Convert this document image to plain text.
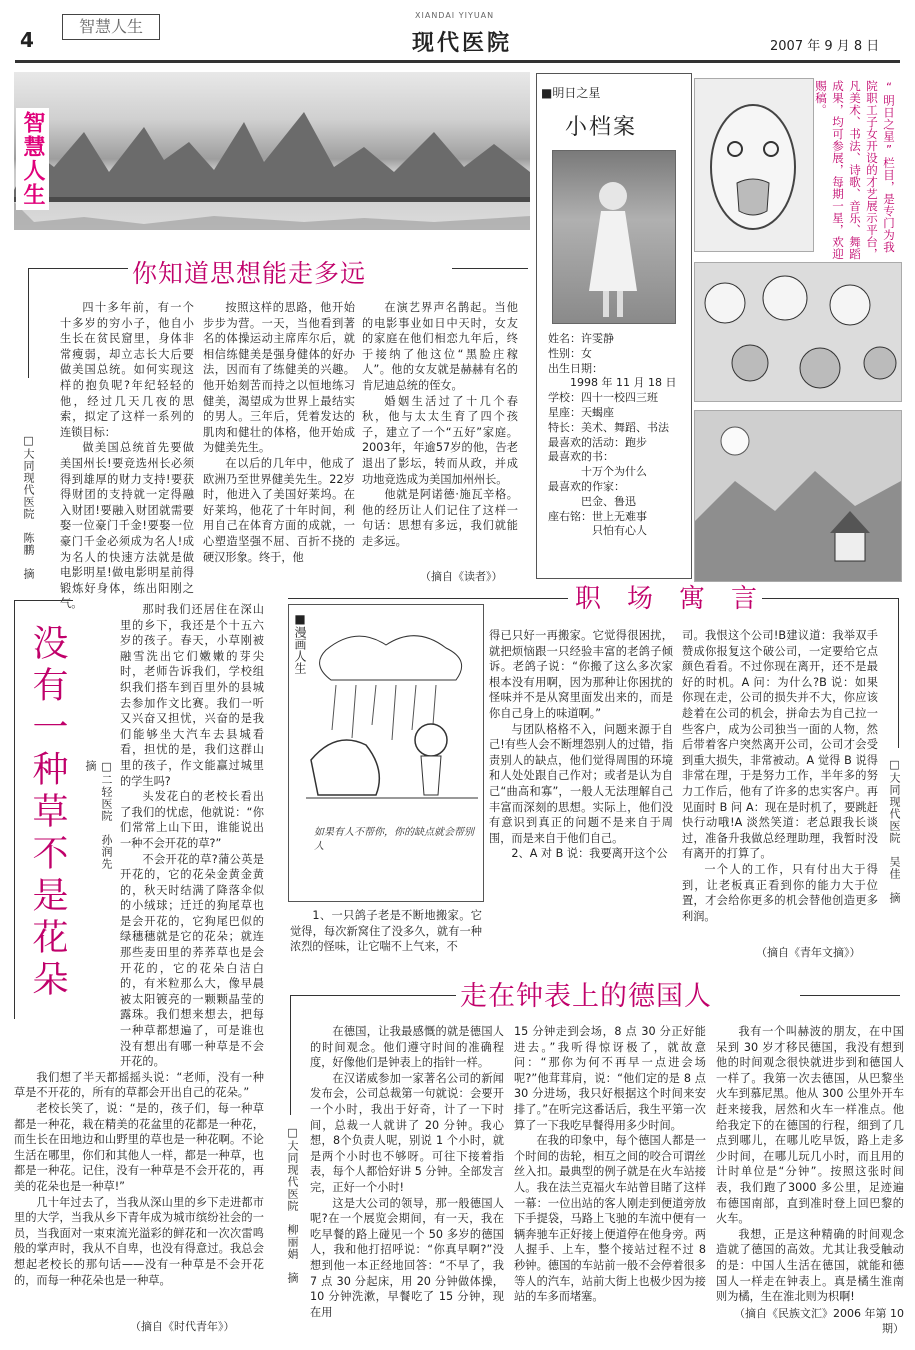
4
智慧人生
XIANDAI YIYUAN
现代医院	2007 年 9 月 8 日
智慧人生
你知道思想能走多远
□大同现代医院　陈鹏　摘

四十多年前，有一个十多岁的穷小子，他自小生长在贫民窟里，身体非常瘦弱，却立志长大后要做美国总统。如何实现这样的抱负呢?年纪轻轻的他，经过几天几夜的思索，拟定了这样一系列的连锁目标：

做美国总统首先要做美国州长!要竞选州长必须得到雄厚的财力支持!要获得财团的支持就一定得融入财团!要融入财团就需要娶一位豪门千金!要娶一位豪门千金必须成为名人!成为名人的快速方法就是做电影明星!做电影明星前得锻炼好身体，练出阳刚之气。

按照这样的思路，他开始步步为营。一天，当他看到著名的体操运动主席库尔后，就相信练健美是强身健体的好办法，因而有了练健美的兴趣。他开始刻苦而持之以恒地练习健美，渴望成为世界上最结实的男人。三年后，凭着发达的肌肉和健壮的体格，他开始成为健美先生。

在以后的几年中，他成了欧洲乃至世界健美先生。22岁时，他进入了美国好莱坞。在好莱坞，他花了十年时间，利用自己在体育方面的成就，一心塑造坚强不屈、百折不挠的硬汉形象。终于，他

在演艺界声名鹊起。当他的电影事业如日中天时，女友的家庭在他们相恋九年后，终于接纳了他这位“黑脸庄稼人”。他的女友就是赫赫有名的肯尼迪总统的侄女。

婚姻生活过了十几个春秋，他与太太生育了四个孩子，建立了一个“五好”家庭。2003年，年逾57岁的他，告老退出了影坛，转而从政，并成功地竞选成为美国加州州长。

他就是阿诺德·施瓦辛格。他的经历让人们记住了这样一句话：思想有多远，我们就能走多远。

（摘自《读者》）
■明日之星
小档案
姓名：许雯静
性别：女
出生日期：
　　1998 年 11 月 18 日
学校：四十一校四三班
星座：天蝎座
特长：美术、舞蹈、书法
最喜欢的活动：跑步
最喜欢的书：
　　　十万个为什么
最喜欢的作家：
　　　巴金、鲁迅
座右铭：世上无难事
　　　　只怕有心人
“明日之星”栏目，是专门为我院职工子女开设的才艺展示平台，凡美术、书法、诗歌、音乐、舞蹈成果，均可参展，每期一星，欢迎赐稿。
职　场　寓　言
没有一种草不是花朵	□二轻医院　孙润先　摘

那时我们还居住在深山里的乡下，我还是个十五六岁的孩子。春天，小草刚被融雪洗出它们嫩嫩的芽尖时，老师告诉我们，学校组织我们搭车到百里外的县城去参加作文比赛。我们一听又兴奋又担忧，兴奋的是我们能够坐大汽车去县城看看，担忧的是，我们这群山里的孩子，作文能赢过城里的学生吗?

头发花白的老校长看出了我们的忧虑，他就说：“你们常常上山下田，谁能说出一种不会开花的草?”

不会开花的草?蒲公英是开花的，它的花朵金黄金黄的，秋天时结满了降落伞似的小绒球；迁迁的狗尾草也是会开花的，它狗尾巴似的绿穗穗就是它的花朵；就连那些麦田里的荞荞草也是会开花的，它的花朵白洁白的，有米粒那么大，像早晨被太阳镀亮的一颗颗晶莹的露珠。我们想来想去，把每一种草都想遍了，可是谁也没有想出有哪一种草是不会开花的。

我们想了半天都摇摇头说：“老师，没有一种草是不开花的，所有的草都会开出自己的花朵。”

老校长笑了，说：“是的，孩子们，每一种草都是一种花，栽在精美的花盆里的花都是一种花，而生长在田地边和山野里的草也是一种花啊。不论生活在哪里，你们和其他人一样，都是一种草，也都是一种花。记住，没有一种草是不会开花的，再美的花朵也是一种草!”

几十年过去了，当我从深山里的乡下走进都市里的大学，当我从乡下青年成为城市缤纷社会的一员，当我面对一束束流光溢彩的鲜花和一次次雷鸣般的掌声时，我从不自卑，也没有得意过。我总会想起老校长的那句话——没有一种草是不会开花的，而每一种花朵也是一种草。

（摘自《时代青年》）
■漫画人生
如果有人不帮你，你的缺点就会帮别人

1、一只鸽子老是不断地搬家。它觉得，每次新窝住了没多久，就有一种浓烈的怪味，让它喘不上气来，不

得已只好一再搬家。它觉得很困扰，就把烦恼跟一只经验丰富的老鸽子倾诉。老鸽子说：“你搬了这么多次家根本没有用啊，因为那种让你困扰的怪味并不是从窝里面发出来的，而是你自己身上的味道啊。”

与团队格格不入，问题来源于自己!有些人会不断埋怨别人的过错，指责别人的缺点，他们觉得周围的环境和人处处跟自己作对；或者是认为自己“曲高和寡”，一般人无法理解自己丰富而深刻的思想。实际上，他们没有意识到真正的问题不是来自于周围，而是来自于他们自己。

2、A 对 B 说：我要离开这个公

司。我恨这个公司!B建议道：我举双手赞成你报复这个破公司，一定要给它点颜色看看。不过你现在离开，还不是最好的时机。A 问：为什么?B 说：如果你现在走，公司的损失并不大，你应该趁着在公司的机会，拼命去为自己拉一些客户，成为公司独当一面的人物，然后带着客户突然离开公司，公司才会受到重大损失，非常被动。A 觉得 B 说得非常在理，于是努力工作，半年多的努力工作后，他有了许多的忠实客户。再见面时 B 问 A：现在是时机了，要跳赶快行动哦!A 淡然笑道：老总跟我长谈过，准备升我做总经理助理，我暂时没有离开的打算了。

一个人的工作，只有付出大于得到，让老板真正看到你的能力大于位置，才会给你更多的机会替他创造更多利润。

□大同现代医院　吴佳　摘
（摘自《青年文摘》）
走在钟表上的德国人
□大同现代医院　柳丽娟　摘

在德国，让我最感慨的就是德国人的时间观念。他们遵守时间的准确程度，好像他们是钟表上的指针一样。

在汉诺威参加一家著名公司的新闻发布会，公司总裁第一句就说：会要开一个小时，我出于好奇，计了一下时间，总裁一人就讲了 20 分钟。我心想，8个负责人呢，别说 1 个小时，就是两个小时也不够呀。可往下接着指表，每个人都恰好讲 5 分钟。全部发言完，正好一个小时!

这是大公司的领导，那一般德国人呢?在一个展览会期间，有一天，我在吃早餐的路上碰见一个 50 多岁的德国人，我和他打招呼说：“你真早啊?”没想到他一本正经地回答：“不早了，我 7 点 30 分起床，用 20 分钟做体操，10 分钟洗漱，早餐吃了 15 分钟，现在用

15 分钟走到会场，8 点 30 分正好能进去。”我听得惊讶极了，就故意问：“那你为何不再早一点进会场呢?”他茸茸肩，说：“他们定的是 8 点 30 分进场，我只好根据这个时间来安排了。”在听完这番话后，我生平第一次算了一下我吃早餐得用多少时间。

在我的印象中，每个德国人都是一个时间的齿轮，相互之间的咬合可谓丝丝入扣。最典型的例子就是在火车站接人。我在法兰克福火车站曾目睹了这样一幕：一位出站的客人刚走到便道旁放下手提袋，马路上飞驰的车流中便有一辆奔驰车正好接上便道停在他身旁。两人握手、上车，整个接站过程不过 8 秒钟。德国的车站前一般不会停着很多等人的汽车，站前大街上也极少因为接站的车多而堵塞。

我有一个叫赫波的朋友，在中国呆到 30 岁才移民德国，我没有想到他的时间观念很快就进步到和德国人一样了。我第一次去德国，从巴黎坐火车到慕尼黑。他从 300 公里外开车赶来接我，居然和火车一样准点。他给我定下的在德国的行程，细到了几点到哪儿，在哪儿吃早饭，路上走多少时间，在哪儿玩几小时，而且用的计时单位是“分钟”。按照这张时间表，我们跑了3000 多公里，足迹遍布德国南部，直到准时登上回巴黎的火车。

我想，正是这种精确的时间观念造就了德国的高效。尤其让我受触动的是：中国人生活在德国，就能和德国人一样走在钟表上。真是橘生淮南则为橘，生在淮北则为枳啊!

（摘自《民族文汇》2006 年第 10 期）
